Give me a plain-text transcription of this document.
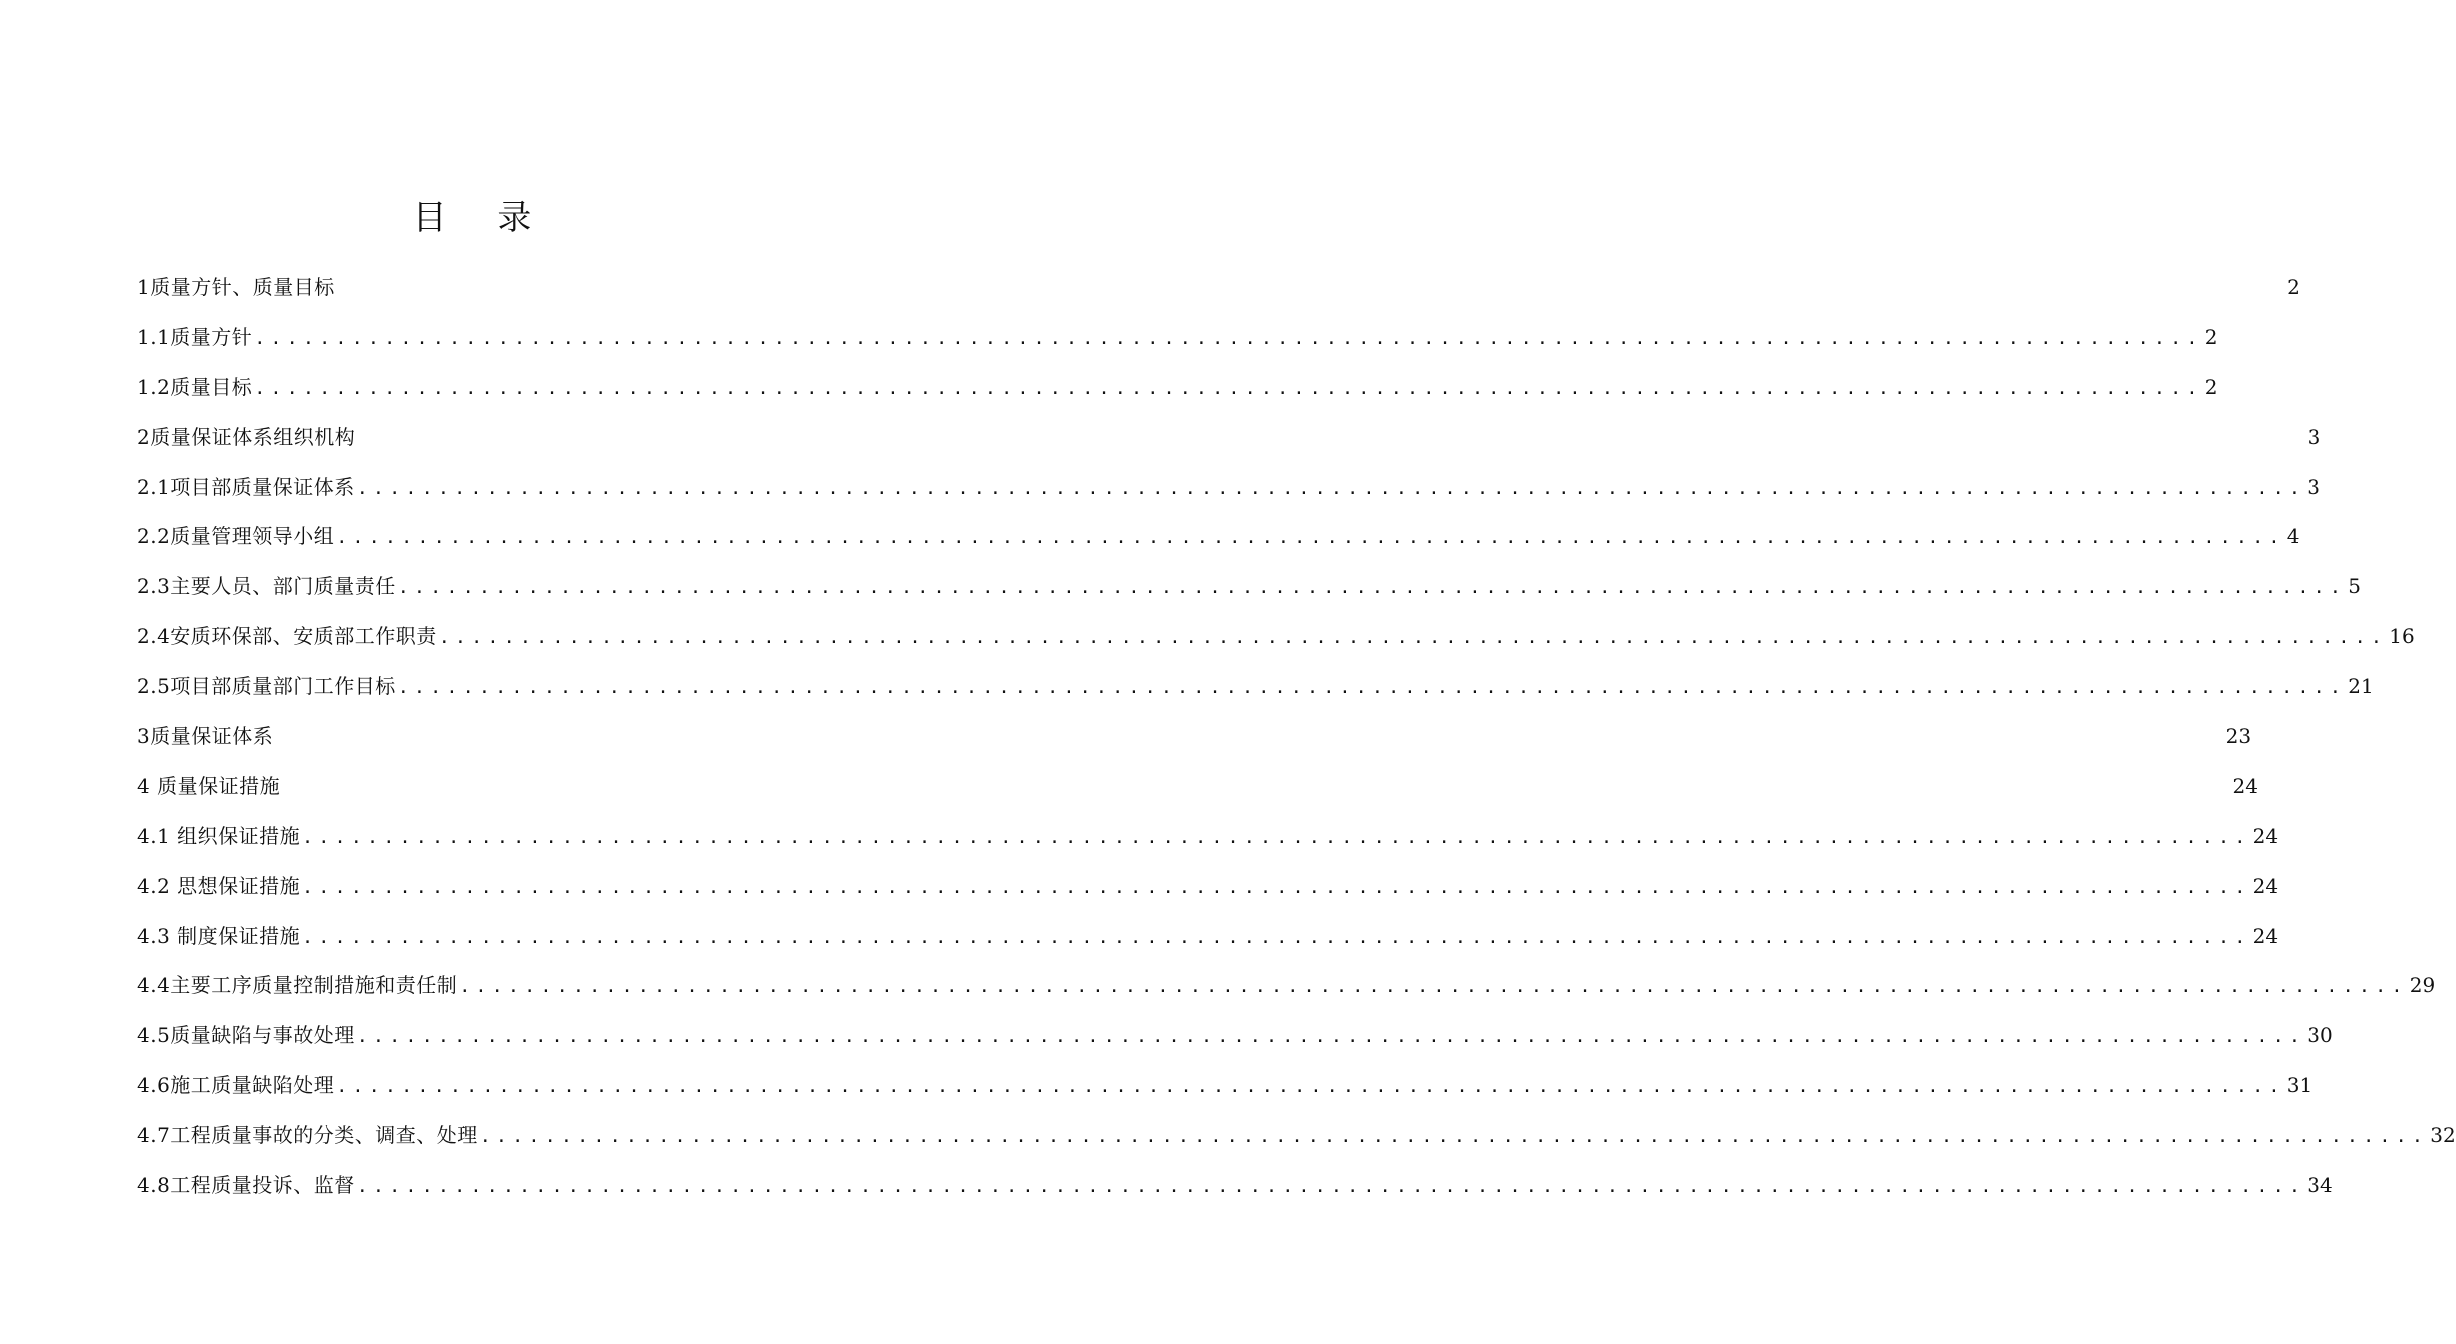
目 录
1质量方针、质量目标	2
1.1质量方针 ........................................................................................................................ 2
1.2质量目标 ........................................................................................................................ 2
2质量保证体系组织机构	3
2.1项目部质量保证体系 ........................................................................................................................ 3
2.2质量管理领导小组 ........................................................................................................................ 4
2.3主要人员、部门质量责任 ........................................................................................................................ 5
2.4安质环保部、安质部工作职责 ........................................................................................................................ 16
2.5项目部质量部门工作目标 ........................................................................................................................ 21
3质量保证体系	23
4 质量保证措施	24
4.1 组织保证措施 ........................................................................................................................ 24
4.2 思想保证措施 ........................................................................................................................ 24
4.3 制度保证措施 ........................................................................................................................ 24
4.4主要工序质量控制措施和责任制 ........................................................................................................................ 29
4.5质量缺陷与事故处理 ........................................................................................................................ 30
4.6施工质量缺陷处理 ........................................................................................................................ 31
4.7工程质量事故的分类、调查、处理 ........................................................................................................................ 32
4.8工程质量投诉、监督 ........................................................................................................................ 34
